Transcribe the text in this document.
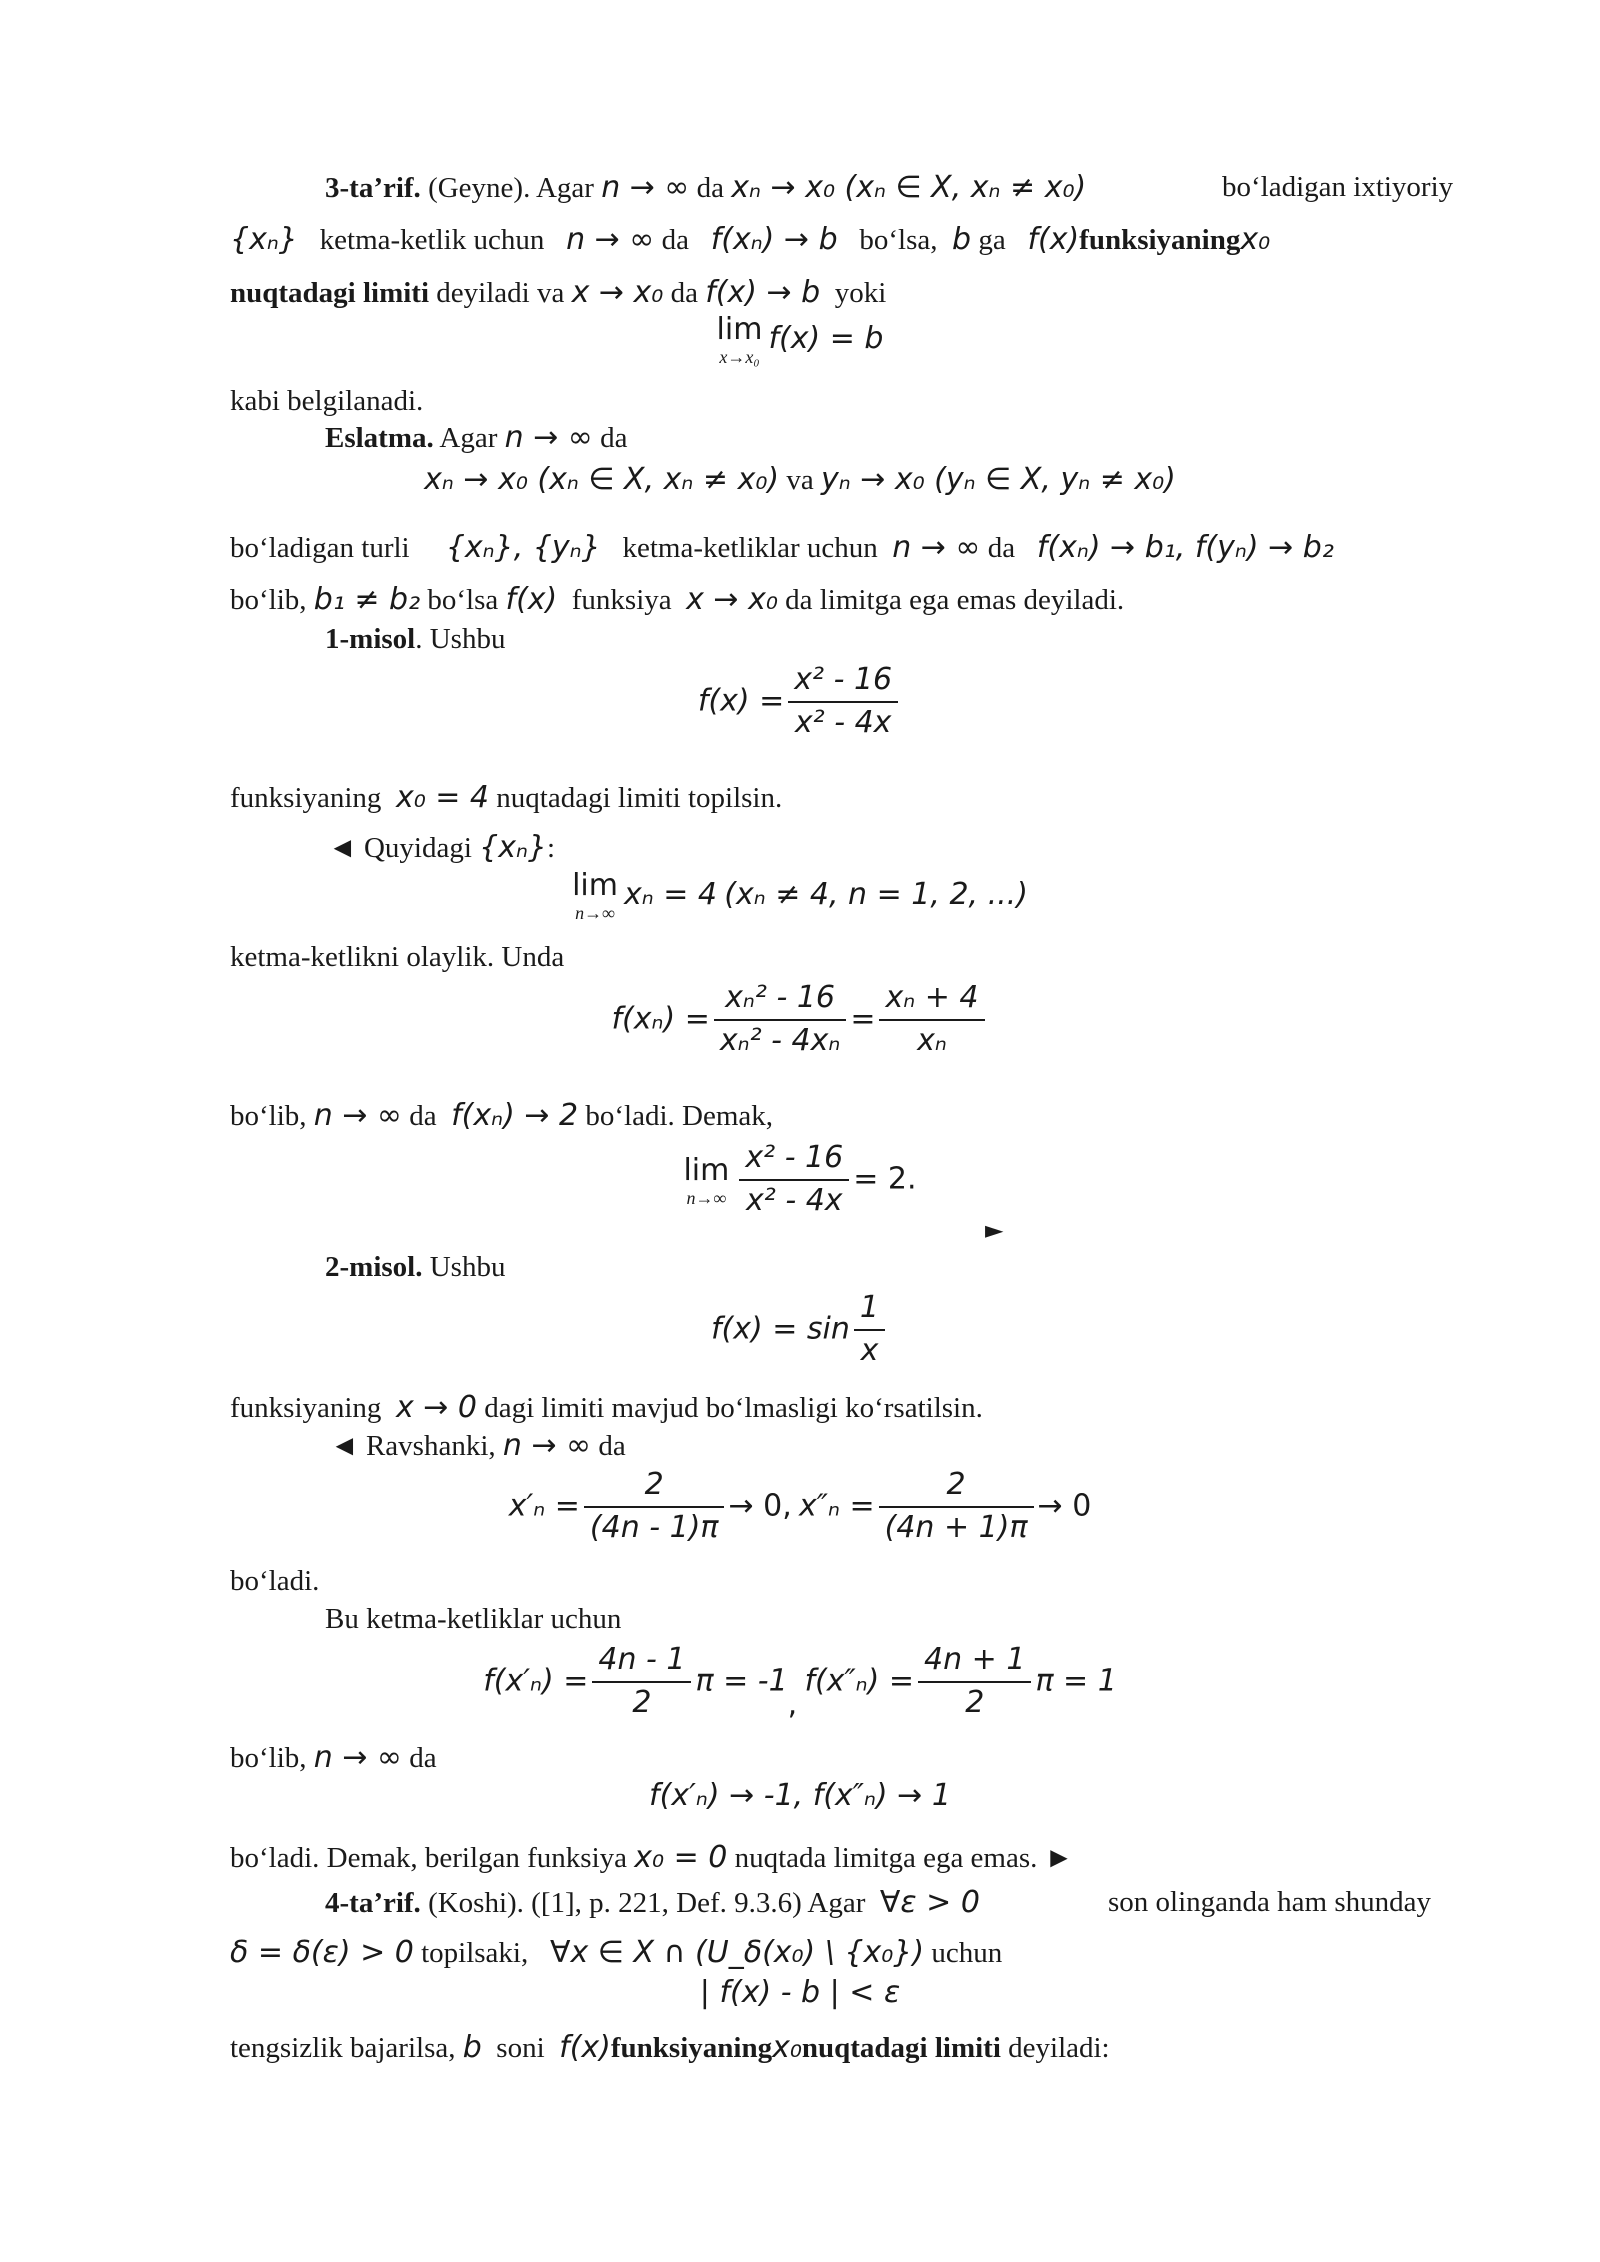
3-ta’rif. (Geyne). Agar n → ∞ da xₙ → x₀ (xₙ ∈ X, xₙ ≠ x₀)	bo‘ladigan ixtiyoriy
{xₙ} ketma-ketlik uchun n → ∞ da f(xₙ) → b bo‘lsa, b ga f(x)funksiyaningx₀
nuqtadagi limiti deyiladi va x → x₀ da f(x) → b yoki
lim
x→x₀
f(x) = b
kabi belgilanadi.
Eslatma. Agar n → ∞ da
xₙ → x₀ (xₙ ∈ X, xₙ ≠ x₀) va yₙ → x₀ (yₙ ∈ X, yₙ ≠ x₀)
bo‘ladigan turli {xₙ}, {yₙ} ketma-ketliklar uchun n → ∞ da f(xₙ) → b₁, f(yₙ) → b₂
bo‘lib, b₁ ≠ b₂ bo‘lsa f(x) funksiya x → x₀ da limitga ega emas deyiladi.
1-misol. Ushbu
$f(x) = \frac{\text{x² - 16}}{\text{x² - 4x}}$
funksiyaning x₀ = 4 nuqtadagi limiti topilsin.
◄ Quyidagi {xₙ}:
lim
n→∞
xₙ = 4 (xₙ ≠ 4, n = 1, 2, ...)
ketma-ketlikni olaylik. Unda
$f(x_n) = \frac{\text{xₙ² - 16}}{\text{xₙ² - 4xₙ}} = \frac{\text{xₙ + 4}}{\text{xₙ}}$
bo‘lib, n → ∞ da f(xₙ) → 2 bo‘ladi. Demak,
lim
$n\to\infty \frac{\text{x² - 16}}{\text{x² - 4x}} = 2$.
►
2-misol. Ushbu
$f(x) = \sin \frac{1}{x}$
funksiyaning x → 0 dagi limiti mavjud bo‘lmasligi ko‘rsatilsin.
◄ Ravshanki, n → ∞ da
$x'_n = \frac{2}{(4n - 1)\pi} \to 0$, $x''_n = \frac{2}{(4n + 1)\pi} \to 0$
bo‘ladi.
Bu ketma-ketliklar uchun
$f(x'_n) = \frac{4n - 1}{2}$ π = -1, $f(x''_n) = \frac{4n + 1}{2}$ π = 1
bo‘lib, n → ∞ da
f(x′ₙ) → -1, f(x″ₙ) → 1
bo‘ladi. Demak, berilgan funksiya x₀ = 0 nuqtada limitga ega emas. ►
4-ta’rif. (Koshi). ([1], p. 221, Def. 9.3.6) Agar ∀ε > 0	son olinganda ham shunday
δ = δ(ε) > 0 topilsaki, ∀x ∈ X ∩ (U_δ(x₀) \ {x₀}) uchun
| f(x) - b | < ε
tengsizlik bajarilsa, b soni f(x)funksiyaningx₀nuqtadagi limiti deyiladi:
